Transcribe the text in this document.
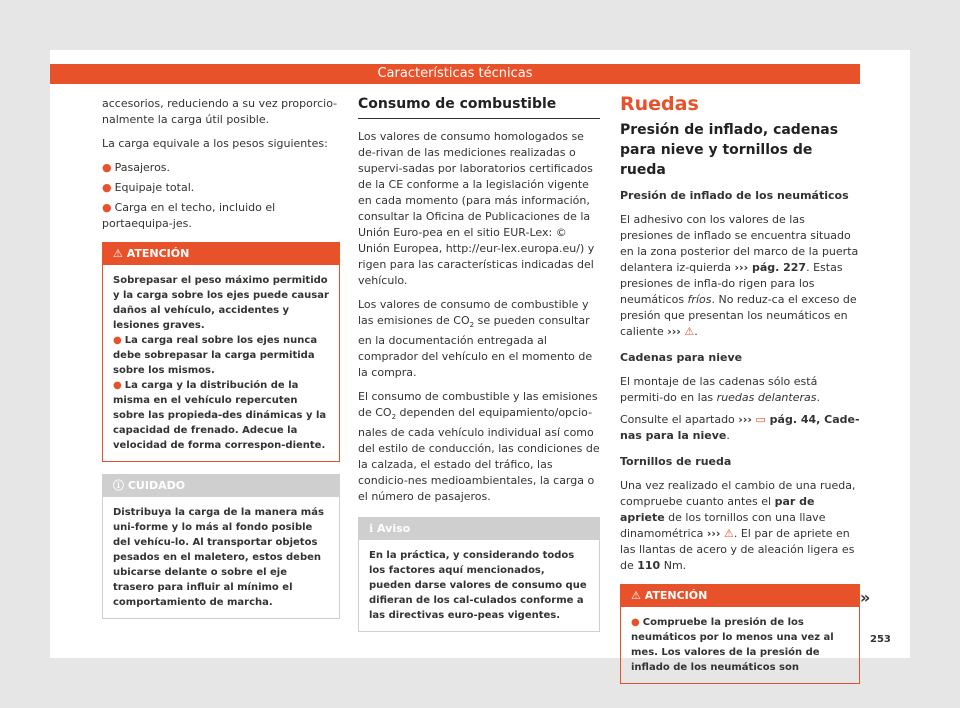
Características técnicas

accesorios, reduciendo a su vez proporcio-nalmente la carga útil posible.

La carga equivale a los pesos siguientes:

● Pasajeros.
● Equipaje total.
● Carga en el techo, incluido el portaequipa-jes.
⚠ ATENCIÓN

Sobrepasar el peso máximo permitido y la carga sobre los ejes puede causar daños al vehículo, accidentes y lesiones graves.

● La carga real sobre los ejes nunca debe sobrepasar la carga permitida sobre los mismos.

● La carga y la distribución de la misma en el vehículo repercuten sobre las propieda-des dinámicas y la capacidad de frenado. Adecue la velocidad de forma correspon-diente.

ⓘ CUIDADO

Distribuya la carga de la manera más uni-forme y lo más al fondo posible del vehícu-lo. Al transportar objetos pesados en el maletero, estos deben ubicarse delante o sobre el eje trasero para influir al mínimo el comportamiento de marcha.

Consumo de combustible

Los valores de consumo homologados se de-rivan de las mediciones realizadas o supervi-sadas por laboratorios certificados de la CE conforme a la legislación vigente en cada momento (para más información, consultar la Oficina de Publicaciones de la Unión Euro-pea en el sitio EUR-Lex: © Unión Europea, http://eur-lex.europa.eu/) y rigen para las características indicadas del vehículo.

Los valores de consumo de combustible y las emisiones de $CO_2$ se pueden consultar en la documentación entregada al comprador del vehículo en el momento de la compra.

El consumo de combustible y las emisiones de $CO_2$ dependen del equipamiento/opcio-nales de cada vehículo individual así como del estilo de conducción, las condiciones de la calzada, el estado del tráfico, las condicio-nes medioambientales, la carga o el número de pasajeros.

ℹ Aviso

En la práctica, y considerando todos los factores aquí mencionados, pueden darse valores de consumo que difieran de los cal-culados conforme a las directivas euro-peas vigentes.

Ruedas
Presión de inflado, cadenas para nieve y tornillos de rueda

Presión de inflado de los neumáticos

El adhesivo con los valores de las presiones de inflado se encuentra situado en la zona posterior del marco de la puerta delantera iz-quierda ››› pág. 227. Estas presiones de infla-do rigen para los neumáticos fríos. No reduz-ca el exceso de presión que presentan los neumáticos en caliente ››› ⚠.

Cadenas para nieve

El montaje de las cadenas sólo está permiti-do en las ruedas delanteras.

Consulte el apartado ››› ▭ pág. 44, Cade-nas para la nieve.

Tornillos de rueda

Una vez realizado el cambio de una rueda, compruebe cuanto antes el par de apriete de los tornillos con una llave dinamométrica ››› ⚠. El par de apriete en las llantas de acero y de aleación ligera es de 110 Nm.

⚠ ATENCIÓN

● Compruebe la presión de los neumáticos por lo menos una vez al mes. Los valores de la presión de inflado de los neumáticos son

»
253
